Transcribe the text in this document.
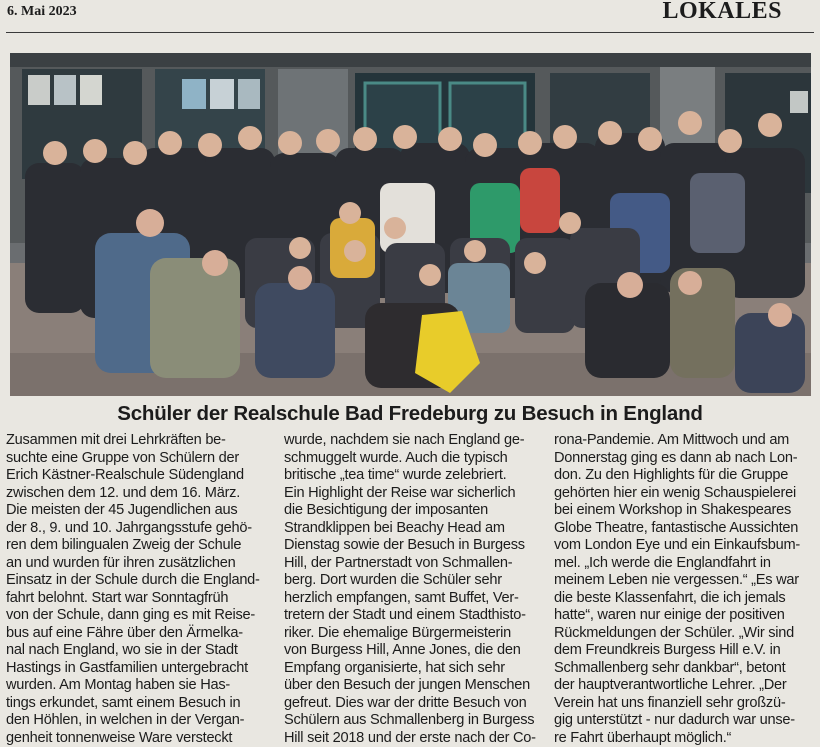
6. Mai 2023	LOKALES
Schüler der Realschule Bad Fredeburg zu Besuch in England
Zusammen mit drei Lehrkräften be-
suchte eine Gruppe von Schülern der
Erich Kästner-Realschule Südengland
zwischen dem 12. und dem 16. März.
Die meisten der 45 Jugendlichen aus
der 8., 9. und 10. Jahrgangsstufe gehö-
ren dem bilingualen Zweig der Schule
an und wurden für ihren zusätzlichen
Einsatz in der Schule durch die England-
fahrt belohnt. Start war Sonntagfrüh
von der Schule, dann ging es mit Reise-
bus auf eine Fähre über den Ärmelka-
nal nach England, wo sie in der Stadt
Hastings in Gastfamilien untergebracht
wurden. Am Montag haben sie Has-
tings erkundet, samt einem Besuch in
den Höhlen, in welchen in der Vergan-
genheit tonnenweise Ware versteckt
wurde, nachdem sie nach England ge-
schmuggelt wurde. Auch die typisch
britische „tea time“ wurde zelebriert.
Ein Highlight der Reise war sicherlich
die Besichtigung der imposanten
Strandklippen bei Beachy Head am
Dienstag sowie der Besuch in Burgess
Hill, der Partnerstadt von Schmallen-
berg. Dort wurden die Schüler sehr
herzlich empfangen, samt Buffet, Ver-
tretern der Stadt und einem Stadthisto-
riker. Die ehemalige Bürgermeisterin
von Burgess Hill, Anne Jones, die den
Empfang organisierte, hat sich sehr
über den Besuch der jungen Menschen
gefreut. Dies war der dritte Besuch von
Schülern aus Schmallenberg in Burgess
Hill seit 2018 und der erste nach der Co-
rona-Pandemie. Am Mittwoch und am
Donnerstag ging es dann ab nach Lon-
don. Zu den Highlights für die Gruppe
gehörten hier ein wenig Schauspielerei
bei einem Workshop in Shakespeares
Globe Theatre, fantastische Aussichten
vom London Eye und ein Einkaufsbum-
mel. „Ich werde die Englandfahrt in
meinem Leben nie vergessen.“ „Es war
die beste Klassenfahrt, die ich jemals
hatte“, waren nur einige der positiven
Rückmeldungen der Schüler. „Wir sind
dem Freundkreis Burgess Hill e.V. in
Schmallenberg sehr dankbar“, betont
der hauptverantwortliche Lehrer. „Der
Verein hat uns finanziell sehr großzü-
gig unterstützt - nur dadurch war unse-
re Fahrt überhaupt möglich.“
